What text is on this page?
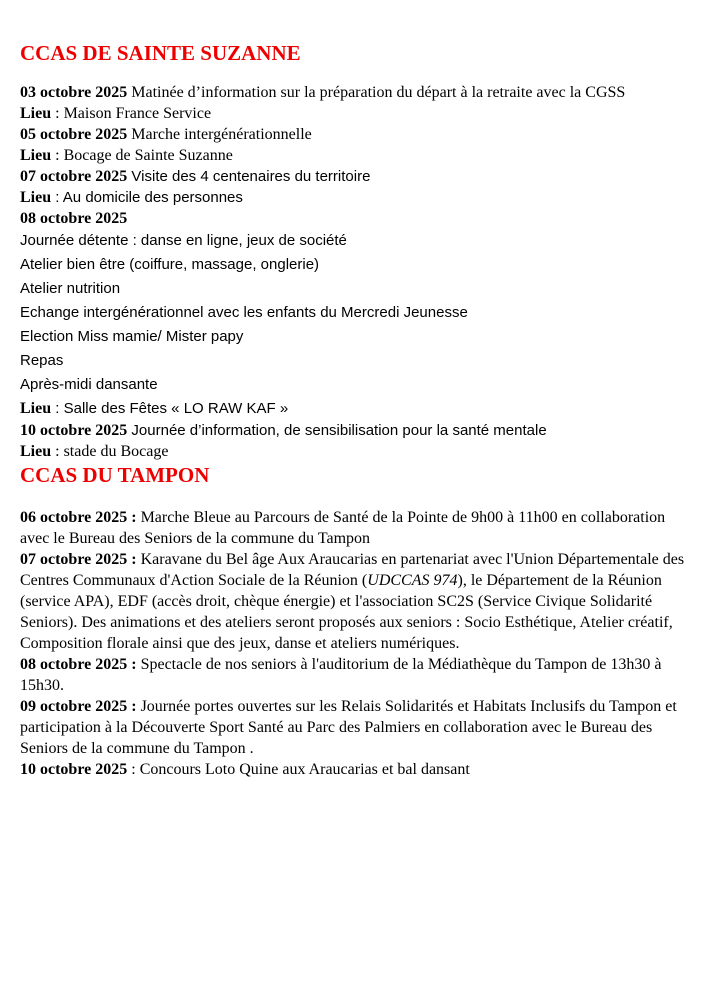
CCAS DE SAINTE SUZANNE

03 octobre 2025 Matinée d’information sur la préparation du départ à la retraite avec la CGSS
Lieu : Maison France Service

05 octobre 2025 Marche intergénérationnelle
Lieu : Bocage de Sainte Suzanne

07 octobre 2025 Visite des 4 centenaires du territoire
Lieu : Au domicile des personnes

08 octobre 2025
Journée détente : danse en ligne, jeux de société
Atelier bien être (coiffure, massage, onglerie)
Atelier nutrition
Echange intergénérationnel avec les enfants du Mercredi Jeunesse
Election Miss mamie/ Mister papy
Repas
Après-midi dansante
Lieu : Salle des Fêtes « LO RAW KAF »

10 octobre 2025 Journée d’information, de sensibilisation pour la santé mentale
Lieu : stade du Bocage

CCAS DU TAMPON

06 octobre 2025 : Marche Bleue au Parcours de Santé de la Pointe de 9h00 à 11h00 en collaboration avec le Bureau des Seniors de la commune du Tampon

07 octobre 2025 : Karavane du Bel âge Aux Araucarias en partenariat avec l'Union Départementale des Centres Communaux d'Action Sociale de la Réunion (UDCCAS 974), le Département de la Réunion (service APA), EDF (accès droit, chèque énergie) et l'association SC2S (Service Civique Solidarité Seniors). Des animations et des ateliers seront proposés aux seniors : Socio Esthétique, Atelier créatif, Composition florale ainsi que des jeux, danse et ateliers numériques.

08 octobre 2025 : Spectacle de nos seniors à l'auditorium de la Médiathèque du Tampon de 13h30 à 15h30.

09 octobre 2025 : Journée portes ouvertes sur les Relais Solidarités et Habitats Inclusifs du Tampon et participation à la Découverte Sport Santé au Parc des Palmiers en collaboration avec le Bureau des Seniors de la commune du Tampon .

10 octobre 2025 : Concours Loto Quine aux Araucarias et bal dansant
